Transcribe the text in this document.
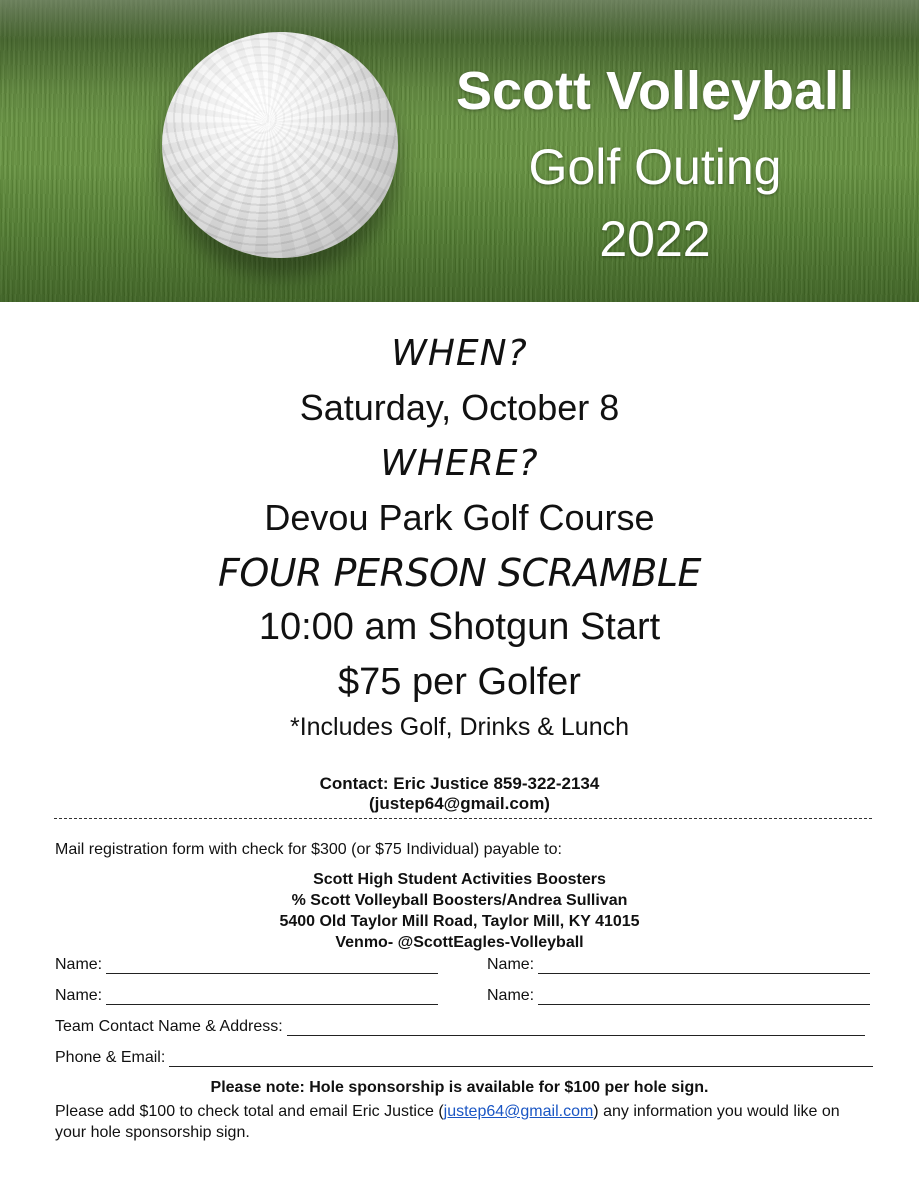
Scott Volleyball

Golf Outing

2022

WHEN?

Saturday, October 8

WHERE?

Devou Park Golf Course

FOUR PERSON SCRAMBLE

10:00 am Shotgun Start

$75 per Golfer

*Includes Golf, Drinks & Lunch

Contact: Eric Justice 859-322-2134

(justep64@gmail.com)

Mail registration form with check for $300 (or $75 Individual) payable to:

Scott High Student Activities Boosters

% Scott Volleyball Boosters/Andrea Sullivan

5400 Old Taylor Mill Road, Taylor Mill, KY 41015

Venmo- @ScottEagles-Volleyball

Name:	Name:
Name:	Name:
Team Contact Name & Address:
Phone & Email:

Please note: Hole sponsorship is available for $100 per hole sign.

Please add $100 to check total and email Eric Justice (justep64@gmail.com) any information you would like on your hole sponsorship sign.
